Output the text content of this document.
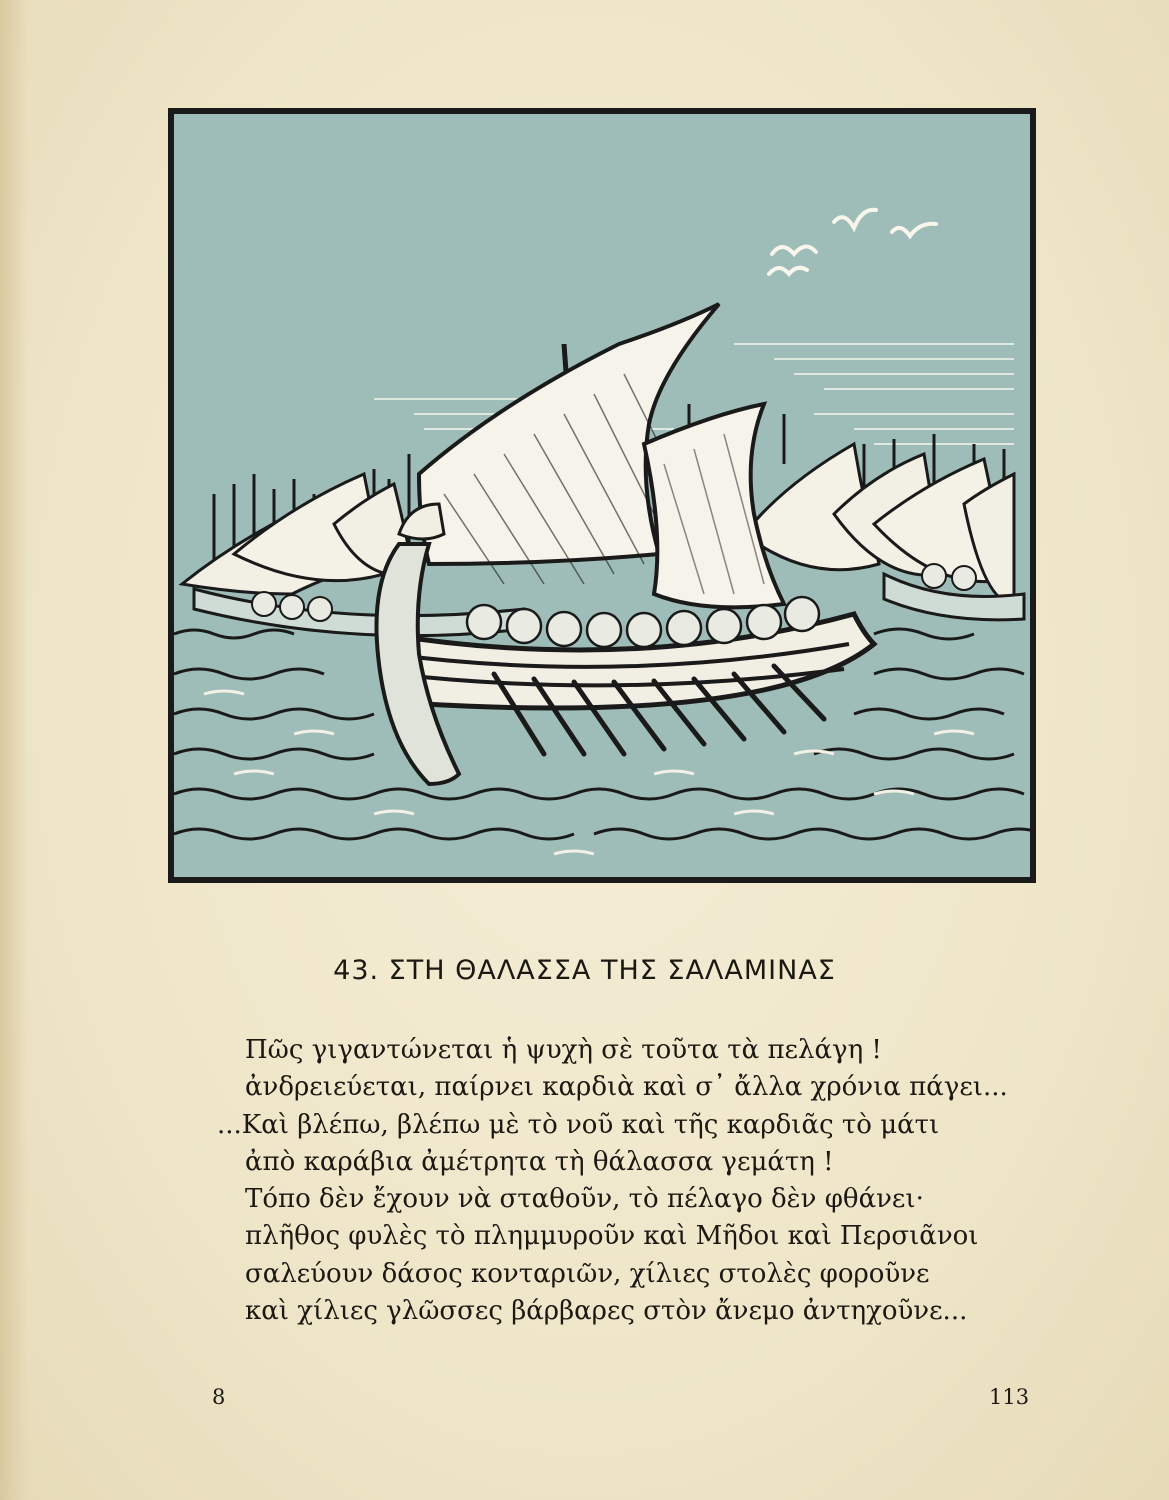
43. ΣΤΗ ΘΑΛΑΣΣΑ ΤΗΣ ΣΑΛΑΜΙΝΑΣ
Πῶς γιγαντώνεται ἡ ψυχὴ σὲ τοῦτα τὰ πελάγη !
ἀνδρειεύεται, παίρνει καρδιὰ καὶ σ᾽ ἄλλα χρόνια πάγει...
...Καὶ βλέπω, βλέπω μὲ τὸ νοῦ καὶ τῆς καρδιᾶς τὸ μάτι
ἀπὸ καράβια ἀμέτρητα τὴ θάλασσα γεμάτη !
Τόπο δὲν ἔχουν νὰ σταθοῦν, τὸ πέλαγο δὲν φθάνει·
πλῆθος φυλὲς τὸ πλημμυροῦν καὶ Μῆδοι καὶ Περσιᾶνοι
σαλεύουν δάσος κονταριῶν, χίλιες στολὲς φοροῦνε
καὶ χίλιες γλῶσσες βάρβαρες στὸν ἄνεμο ἀντηχοῦνε...
8	113
